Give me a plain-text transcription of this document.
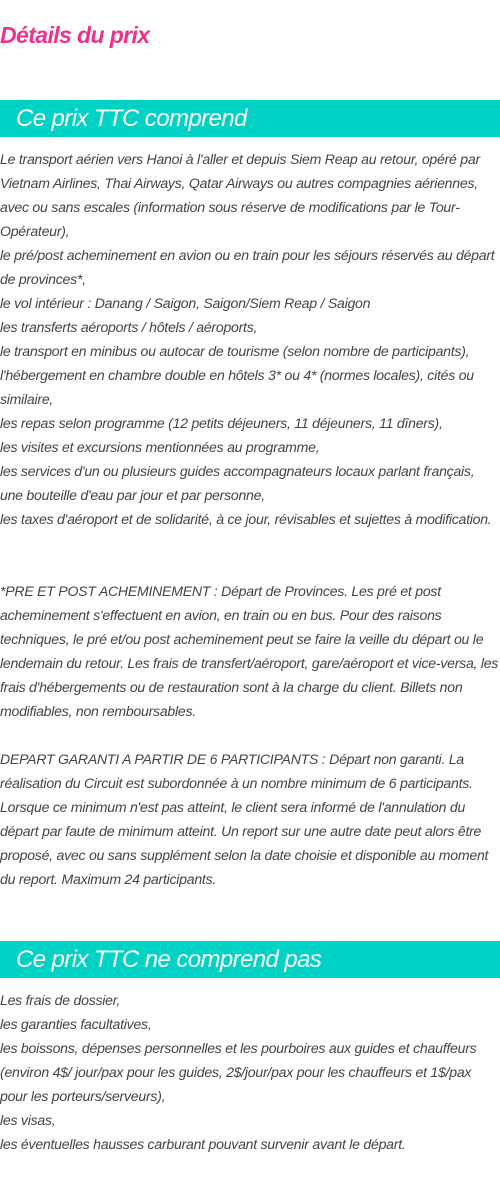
Détails du prix
Ce prix TTC comprend

Le transport aérien vers Hanoi à l'aller et depuis Siem Reap au retour, opéré par Vietnam Airlines, Thai Airways, Qatar Airways ou autres compagnies aériennes, avec ou sans escales (information sous réserve de modifications par le Tour-Opérateur),

le pré/post acheminement en avion ou en train pour les séjours réservés au départ de provinces*,

le vol intérieur : Danang / Saigon, Saigon/Siem Reap / Saigon

les transferts aéroports / hôtels / aéroports,

le transport en minibus ou autocar de tourisme (selon nombre de participants),

l'hébergement en chambre double en hôtels 3* ou 4* (normes locales), cités ou similaire,

les repas selon programme (12 petits déjeuners, 11 déjeuners, 11 dîners),

les visites et excursions mentionnées au programme,

les services d'un ou plusieurs guides accompagnateurs locaux parlant français,

une bouteille d'eau par jour et par personne,

les taxes d'aéroport et de solidarité, à ce jour, révisables et sujettes à modification.

*PRE ET POST ACHEMINEMENT : Départ de Provinces. Les pré et post acheminement s'effectuent en avion, en train ou en bus. Pour des raisons techniques, le pré et/ou post acheminement peut se faire la veille du départ ou le lendemain du retour. Les frais de transfert/aéroport, gare/aéroport et vice-versa, les frais d'hébergements ou de restauration sont à la charge du client. Billets non modifiables, non remboursables.

DEPART GARANTI A PARTIR DE 6 PARTICIPANTS : Départ non garanti. La réalisation du Circuit est subordonnée à un nombre minimum de 6 participants. Lorsque ce minimum n'est pas atteint, le client sera informé de l'annulation du départ par faute de minimum atteint. Un report sur une autre date peut alors être proposé, avec ou sans supplément selon la date choisie et disponible au moment du report. Maximum 24 participants.

Ce prix TTC ne comprend pas

Les frais de dossier,

les garanties facultatives,

les boissons, dépenses personnelles et les pourboires aux guides et chauffeurs (environ 4$/ jour/pax pour les guides, 2$/jour/pax pour les chauffeurs et 1$/pax pour les porteurs/serveurs),

les visas,

les éventuelles hausses carburant pouvant survenir avant le départ.
